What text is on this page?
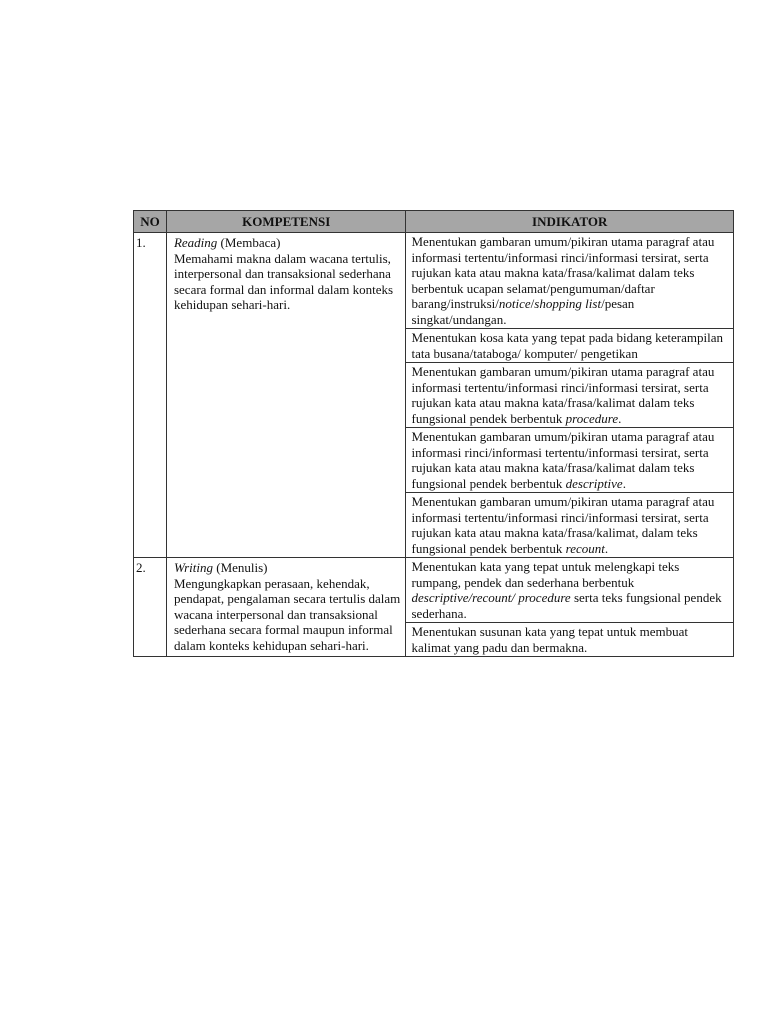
NO	KOMPETENSI	INDIKATOR
1.	Reading (Membaca)
Memahami makna dalam wacana tertulis, interpersonal dan transaksional sederhana secara formal dan informal dalam konteks kehidupan sehari-hari.	Menentukan gambaran umum/pikiran utama paragraf atau informasi tertentu/informasi rinci/informasi tersirat, serta rujukan kata atau makna kata/frasa/kalimat dalam teks berbentuk ucapan selamat/pengumuman/daftar barang/instruksi/notice/shopping list/pesan singkat/undangan.

		Menentukan kosa kata yang tepat pada bidang keterampilan tata busana/tataboga/ komputer/ pengetikan

		Menentukan gambaran umum/pikiran utama paragraf atau informasi tertentu/informasi rinci/informasi tersirat, serta rujukan kata atau makna kata/frasa/kalimat dalam teks fungsional pendek berbentuk procedure.

		Menentukan gambaran umum/pikiran utama paragraf atau informasi rinci/informasi tertentu/informasi tersirat, serta rujukan kata atau makna kata/frasa/kalimat dalam teks fungsional pendek berbentuk descriptive.

		Menentukan gambaran umum/pikiran utama paragraf atau informasi tertentu/informasi rinci/informasi tersirat, serta rujukan kata atau makna kata/frasa/kalimat, dalam teks fungsional pendek berbentuk recount.

2.	Writing (Menulis)
Mengungkapkan perasaan, kehendak, pendapat, pengalaman secara tertulis dalam wacana interpersonal dan transaksional sederhana secara formal maupun informal dalam konteks kehidupan sehari-hari.	Menentukan kata yang tepat untuk melengkapi teks rumpang, pendek dan sederhana berbentuk descriptive/recount/ procedure serta teks fungsional pendek sederhana.

		Menentukan susunan kata yang tepat untuk membuat kalimat yang padu dan bermakna.
